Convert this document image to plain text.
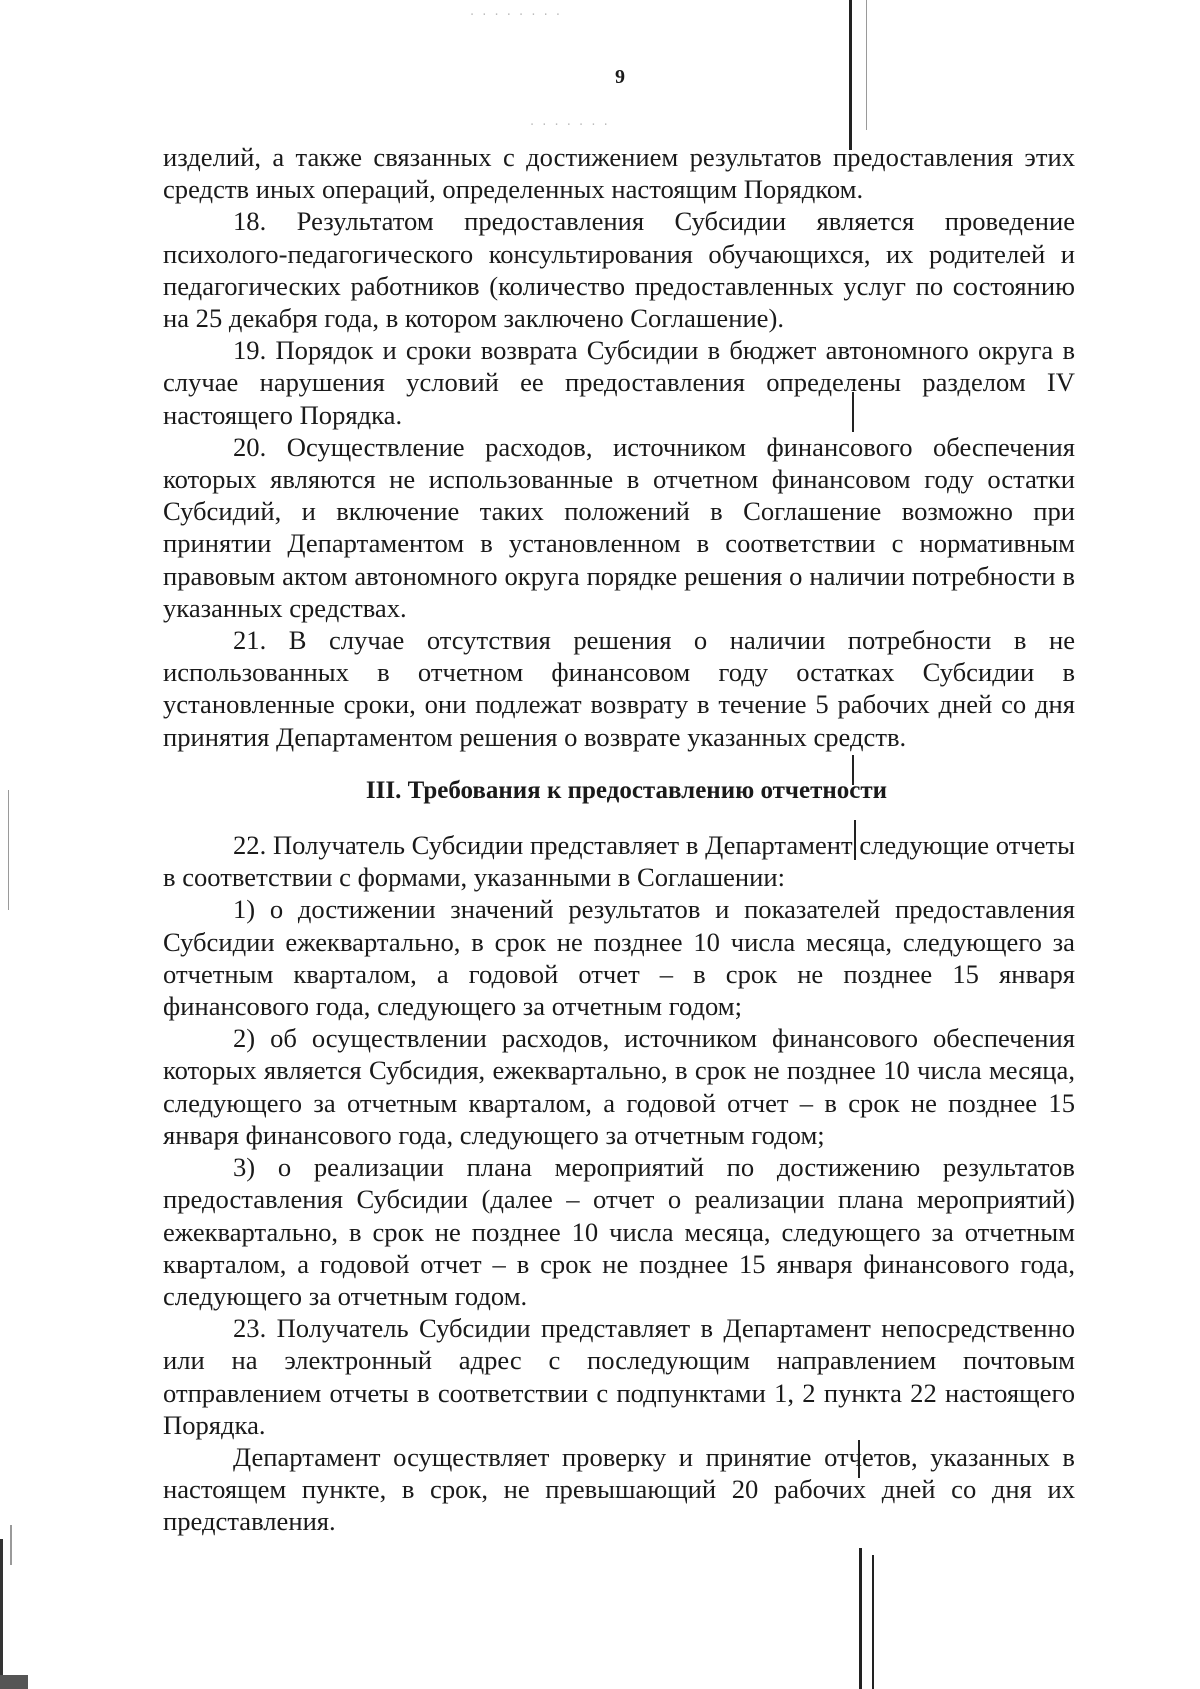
· · · · · · · ·
· · · · · · ·
9

изделий, а также связанных с достижением результатов предоставления этих средств иных операций, определенных настоящим Порядком.

18. Результатом предоставления Субсидии является проведение психолого-педагогического консультирования обучающихся, их родителей и педагогических работников (количество предоставленных услуг по состоянию на 25 декабря года, в котором заключено Соглашение).

19. Порядок и сроки возврата Субсидии в бюджет автономного округа в случае нарушения условий ее предоставления определены разделом IV настоящего Порядка.

20. Осуществление расходов, источником финансового обеспечения которых являются не использованные в отчетном финансовом году остатки Субсидий, и включение таких положений в Соглашение возможно при принятии Департаментом в установленном в соответствии с нормативным правовым актом автономного округа порядке решения о наличии потребности в указанных средствах.

21. В случае отсутствия решения о наличии потребности в не использованных в отчетном финансовом году остатках Субсидии в установленные сроки, они подлежат возврату в течение 5 рабочих дней со дня принятия Департаментом решения о возврате указанных средств.

III. Требования к предоставлению отчетности

22. Получатель Субсидии представляет в Департамент следующие отчеты в соответствии с формами, указанными в Соглашении:

1) о достижении значений результатов и показателей предоставления Субсидии ежеквартально, в срок не позднее 10 числа месяца, следующего за отчетным кварталом, а годовой отчет – в срок не позднее 15 января финансового года, следующего за отчетным годом;

2) об осуществлении расходов, источником финансового обеспечения которых является Субсидия, ежеквартально, в срок не позднее 10 числа месяца, следующего за отчетным кварталом, а годовой отчет – в срок не позднее 15 января финансового года, следующего за отчетным годом;

3) о реализации плана мероприятий по достижению результатов предоставления Субсидии (далее – отчет о реализации плана мероприятий) ежеквартально, в срок не позднее 10 числа месяца, следующего за отчетным кварталом, а годовой отчет – в срок не позднее 15 января финансового года, следующего за отчетным годом.

23. Получатель Субсидии представляет в Департамент непосредственно или на электронный адрес с последующим направлением почтовым отправлением отчеты в соответствии с подпунктами 1, 2 пункта 22 настоящего Порядка.

Департамент осуществляет проверку и принятие отчетов, указанных в настоящем пункте, в срок, не превышающий 20 рабочих дней со дня их представления.
